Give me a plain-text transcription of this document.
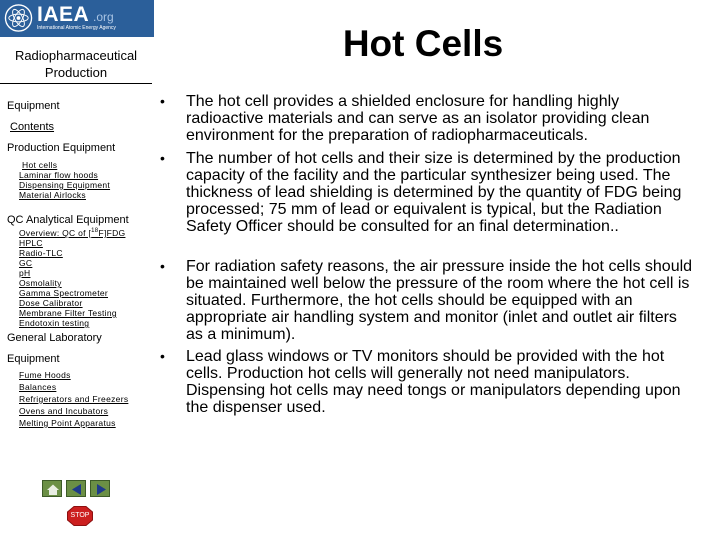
IAEA .org
International Atomic Energy Agency
Radiopharmaceutical
Production
Hot Cells
Equipment
Contents
Production Equipment
Hot cells
Laminar flow hoods
Dispensing Equipment
Material Airlocks
QC Analytical Equipment
Overview: QC of [$^{18}$F]FDG
HPLC
Radio-TLC
GC
pH
Osmolality
Gamma Spectrometer
Dose Calibrator
Membrane Filter Testing
Endotoxin testing
General Laboratory
Equipment
Fume Hoods
Balances
Refrigerators and Freezers
Ovens and Incubators
Melting Point Apparatus
STOP
• The hot cell provides a shielded enclosure for handling highly radioactive materials and can serve as an isolator providing clean environment for the preparation of radiopharmaceuticals.

• The number of hot cells and their size is determined by the production capacity of the facility and the particular synthesizer being used. The thickness of lead shielding is determined by the quantity of FDG being processed; 75 mm of lead or equivalent is typical, but the Radiation Safety Officer should be consulted for an final determination..

• For radiation safety reasons, the air pressure inside the hot cells should be maintained well below the pressure of the room where the hot cell is situated. Furthermore, the hot cells should be equipped with an appropriate air handling system and monitor (inlet and outlet air filters as a minimum).

• Lead glass windows or TV monitors should be provided with the hot cells. Production hot cells will generally not need manipulators. Dispensing hot cells may need tongs or manipulators depending upon the dispenser used.
